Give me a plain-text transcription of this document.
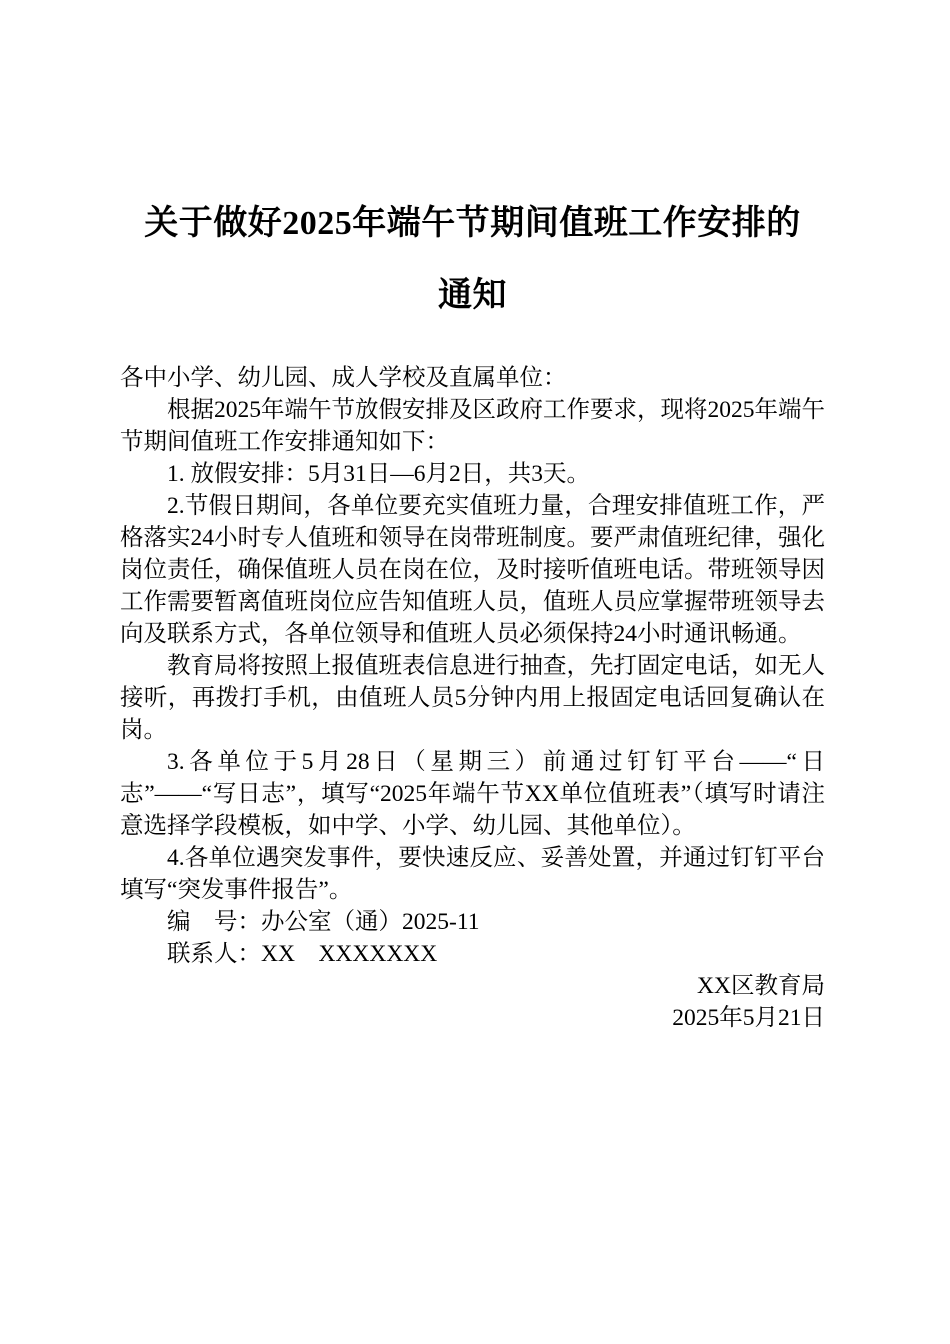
关于做好2025年端午节期间值班工作安排的
通知

各中小学、幼儿园、成人学校及直属单位：

根据2025年端午节放假安排及区政府工作要求，现将2025年端午节期间值班工作安排通知如下：

1. 放假安排：5月31日—6月2日，共3天。

2.节假日期间，各单位要充实值班力量，合理安排值班工作，严格落实24小时专人值班和领导在岗带班制度。要严肃值班纪律，强化岗位责任，确保值班人员在岗在位，及时接听值班电话。带班领导因工作需要暂离值班岗位应告知值班人员，值班人员应掌握带班领导去向及联系方式，各单位领导和值班人员必须保持24小时通讯畅通。

教育局将按照上报值班表信息进行抽查，先打固定电话，如无人接听，再拨打手机，由值班人员5分钟内用上报固定电话回复确认在岗。

3.各单位于5月28日（星期三）前通过钉钉平台——“日志”——“写日志”，填写“2025年端午节XX单位值班表”（填写时请注意选择学段模板，如中学、小学、幼儿园、其他单位）。

4.各单位遇突发事件，要快速反应、妥善处置，并通过钉钉平台填写“突发事件报告”。

编　号：办公室（通）2025-11

联系人：XX　XXXXXXX

XX区教育局

2025年5月21日
